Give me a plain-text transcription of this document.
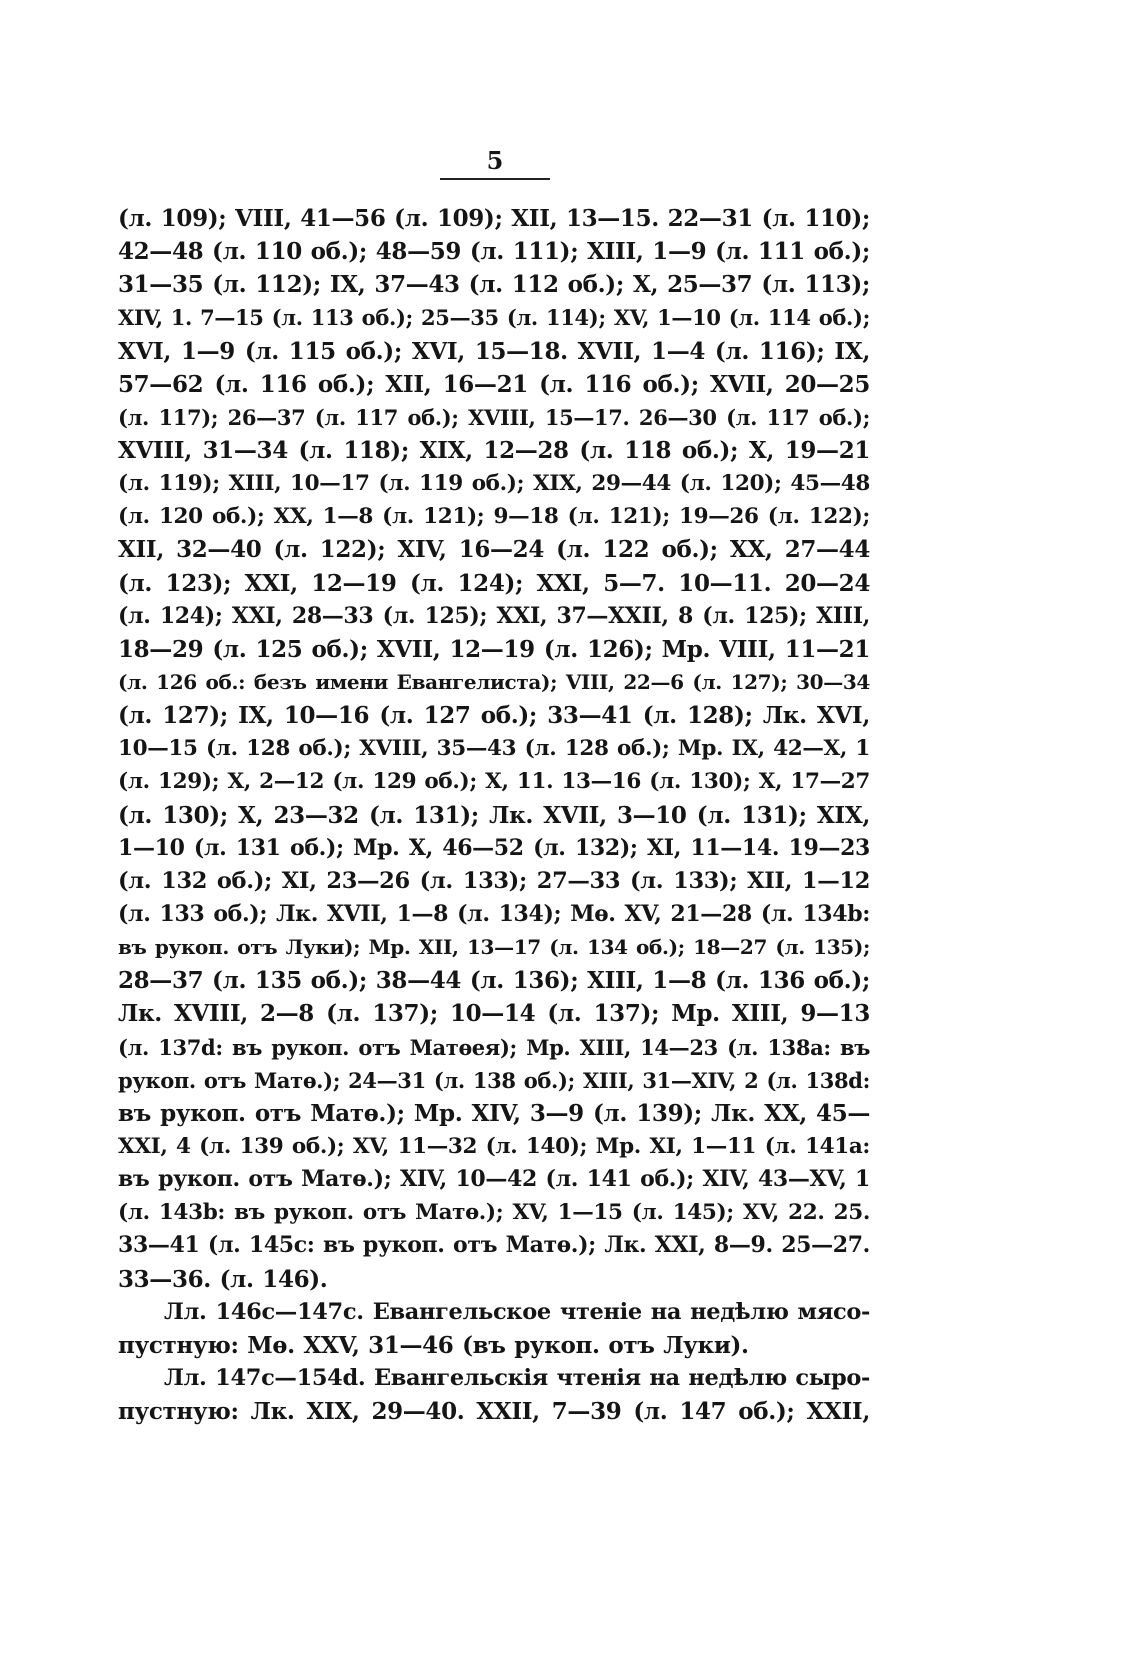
5
(л. 109); VIII, 41—56 (л. 109); XII, 13—15. 22—31 (л. 110);
42—48 (л. 110 об.); 48—59 (л. 111); XIII, 1—9 (л. 111 об.);
31—35 (л. 112); IX, 37—43 (л. 112 об.); X, 25—37 (л. 113);
XIV, 1. 7—15 (л. 113 об.); 25—35 (л. 114); XV, 1—10 (л. 114 об.);
XVI, 1—9 (л. 115 об.); XVI, 15—18. XVII, 1—4 (л. 116); IX,
57—62 (л. 116 об.); XII, 16—21 (л. 116 об.); XVII, 20—25
(л. 117); 26—37 (л. 117 об.); XVIII, 15—17. 26—30 (л. 117 об.);
XVIII, 31—34 (л. 118); XIX, 12—28 (л. 118 об.); X, 19—21
(л. 119); XIII, 10—17 (л. 119 об.); XIX, 29—44 (л. 120); 45—48
(л. 120 об.); XX, 1—8 (л. 121); 9—18 (л. 121); 19—26 (л. 122);
XII, 32—40 (л. 122); XIV, 16—24 (л. 122 об.); XX, 27—44
(л. 123); XXI, 12—19 (л. 124); XXI, 5—7. 10—11. 20—24
(л. 124); XXI, 28—33 (л. 125); XXI, 37—XXII, 8 (л. 125); XIII,
18—29 (л. 125 об.); XVII, 12—19 (л. 126); Мр. VIII, 11—21
(л. 126 об.: безъ имени Евангелиста); VIII, 22—6 (л. 127); 30—34
(л. 127); IX, 10—16 (л. 127 об.); 33—41 (л. 128); Лк. XVI,
10—15 (л. 128 об.); XVIII, 35—43 (л. 128 об.); Мр. IX, 42—X, 1
(л. 129); X, 2—12 (л. 129 об.); X, 11. 13—16 (л. 130); X, 17—27
(л. 130); X, 23—32 (л. 131); Лк. XVII, 3—10 (л. 131); XIX,
1—10 (л. 131 об.); Мр. X, 46—52 (л. 132); XI, 11—14. 19—23
(л. 132 об.); XI, 23—26 (л. 133); 27—33 (л. 133); XII, 1—12
(л. 133 об.); Лк. XVII, 1—8 (л. 134); Мѳ. XV, 21—28 (л. 134b:
въ рукоп. отъ Луки); Мр. XII, 13—17 (л. 134 об.); 18—27 (л. 135);
28—37 (л. 135 об.); 38—44 (л. 136); XIII, 1—8 (л. 136 об.);
Лк. XVIII, 2—8 (л. 137); 10—14 (л. 137); Мр. XIII, 9—13
(л. 137d: въ рукоп. отъ Матѳея); Мр. XIII, 14—23 (л. 138а: въ
рукоп. отъ Матѳ.); 24—31 (л. 138 об.); XIII, 31—XIV, 2 (л. 138d:
въ рукоп. отъ Матѳ.); Мр. XIV, 3—9 (л. 139); Лк. XX, 45—
XXI, 4 (л. 139 об.); XV, 11—32 (л. 140); Мр. XI, 1—11 (л. 141а:
въ рукоп. отъ Матѳ.); XIV, 10—42 (л. 141 об.); XIV, 43—XV, 1
(л. 143b: въ рукоп. отъ Матѳ.); XV, 1—15 (л. 145); XV, 22. 25.
33—41 (л. 145с: въ рукоп. отъ Матѳ.); Лк. XXI, 8—9. 25—27.
33—36. (л. 146).
Лл. 146с—147с. Евангельское чтеніе на недѣлю мясо-
пустную: Мѳ. XXV, 31—46 (въ рукоп. отъ Луки).
Лл. 147с—154d. Евангельскія чтенія на недѣлю сыро-
пустную: Лк. XIX, 29—40. XXII, 7—39 (л. 147 об.); XXII,
